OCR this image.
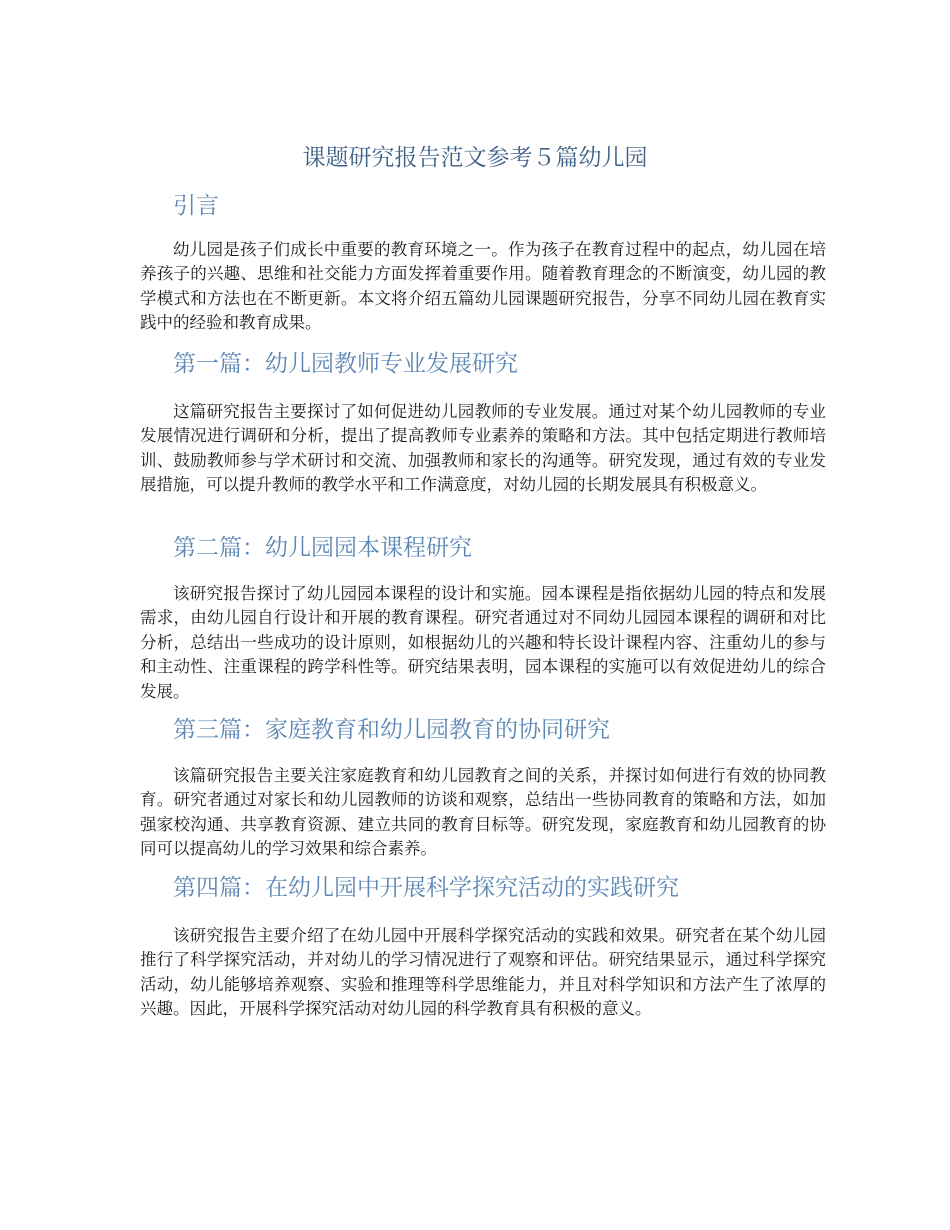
课题研究报告范文参考５篇幼儿园
引言

幼儿园是孩子们成长中重要的教育环境之一。作为孩子在教育过程中的起点，幼儿园在培养孩子的兴趣、思维和社交能力方面发挥着重要作用。随着教育理念的不断演变，幼儿园的教学模式和方法也在不断更新。本文将介绍五篇幼儿园课题研究报告，分享不同幼儿园在教育实践中的经验和教育成果。

第一篇：幼儿园教师专业发展研究

这篇研究报告主要探讨了如何促进幼儿园教师的专业发展。通过对某个幼儿园教师的专业发展情况进行调研和分析，提出了提高教师专业素养的策略和方法。其中包括定期进行教师培训、鼓励教师参与学术研讨和交流、加强教师和家长的沟通等。研究发现，通过有效的专业发展措施，可以提升教师的教学水平和工作满意度，对幼儿园的长期发展具有积极意义。

第二篇：幼儿园园本课程研究

该研究报告探讨了幼儿园园本课程的设计和实施。园本课程是指依据幼儿园的特点和发展需求，由幼儿园自行设计和开展的教育课程。研究者通过对不同幼儿园园本课程的调研和对比分析，总结出一些成功的设计原则，如根据幼儿的兴趣和特长设计课程内容、注重幼儿的参与和主动性、注重课程的跨学科性等。研究结果表明，园本课程的实施可以有效促进幼儿的综合发展。

第三篇：家庭教育和幼儿园教育的协同研究

该篇研究报告主要关注家庭教育和幼儿园教育之间的关系，并探讨如何进行有效的协同教育。研究者通过对家长和幼儿园教师的访谈和观察，总结出一些协同教育的策略和方法，如加强家校沟通、共享教育资源、建立共同的教育目标等。研究发现，家庭教育和幼儿园教育的协同可以提高幼儿的学习效果和综合素养。

第四篇：在幼儿园中开展科学探究活动的实践研究

该研究报告主要介绍了在幼儿园中开展科学探究活动的实践和效果。研究者在某个幼儿园推行了科学探究活动，并对幼儿的学习情况进行了观察和评估。研究结果显示，通过科学探究活动，幼儿能够培养观察、实验和推理等科学思维能力，并且对科学知识和方法产生了浓厚的兴趣。因此，开展科学探究活动对幼儿园的科学教育具有积极的意义。
